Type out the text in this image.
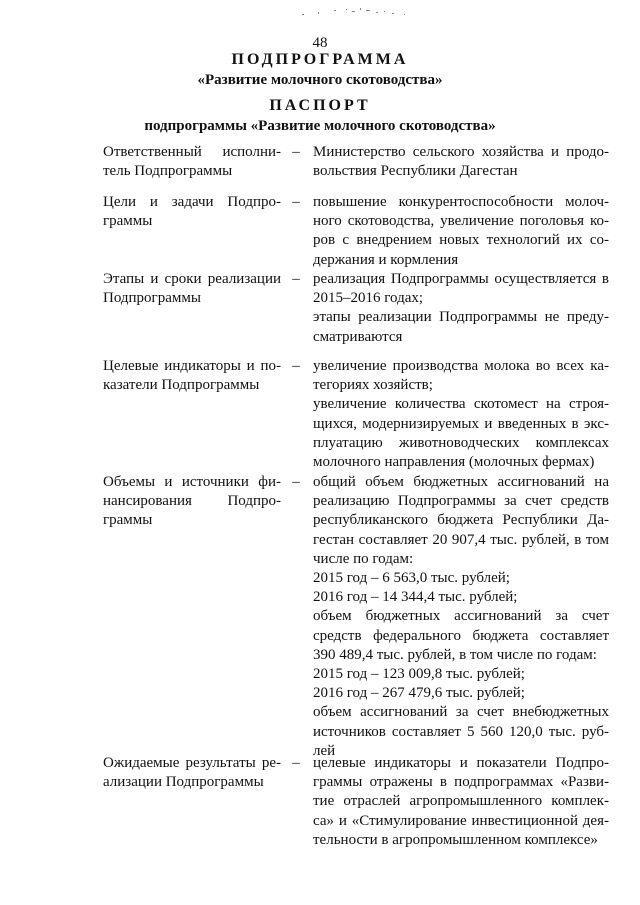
48
ПОДПРОГРАММА
«Развитие молочного скотоводства»
ПАСПОРТ
подпрограммы «Развитие молочного скотоводства»
Ответственный исполни- тель Подпрограммы
– Министерство сельского хозяйства и продо- вольствия Республики Дагестан

Цели и задачи Подпро- граммы
– повышение конкурентоспособности молоч- ного скотоводства, увеличение поголовья ко- ров с внедрением новых технологий их со- держания и кормления

Этапы и сроки реализации Подпрограммы
– реализация Подпрограммы осуществляется в 2015–2016 годах;

этапы реализации Подпрограммы не преду- сматриваются

Целевые индикаторы и по- казатели Подпрограммы
– увеличение производства молока во всех ка- тегориях хозяйств;

увеличение количества скотомест на строя- щихся, модернизируемых и введенных в экс- плуатацию животноводческих комплексах молочного направления (молочных фермах)

Объемы и источники фи- нансирования Подпро- граммы
– общий объем бюджетных ассигнований на реализацию Подпрограммы за счет средств республиканского бюджета Республики Да- гестан составляет 20 907,4 тыс. рублей, в том числе по годам:

2015 год – 6 563,0 тыс. рублей;

2016 год – 14 344,4 тыс. рублей;

объем бюджетных ассигнований за счет средств федерального бюджета составляет 390 489,4 тыс. рублей, в том числе по годам:

2015 год – 123 009,8 тыс. рублей;

2016 год – 267 479,6 тыс. рублей;

объем ассигнований за счет внебюджетных источников составляет 5 560 120,0 тыс. руб- лей

Ожидаемые результаты ре- ализации Подпрограммы
– целевые индикаторы и показатели Подпро- граммы отражены в подпрограммах «Разви- тие отраслей агропромышленного комплек- са» и «Стимулирование инвестиционной дея- тельности в агропромышленном комплексе»
